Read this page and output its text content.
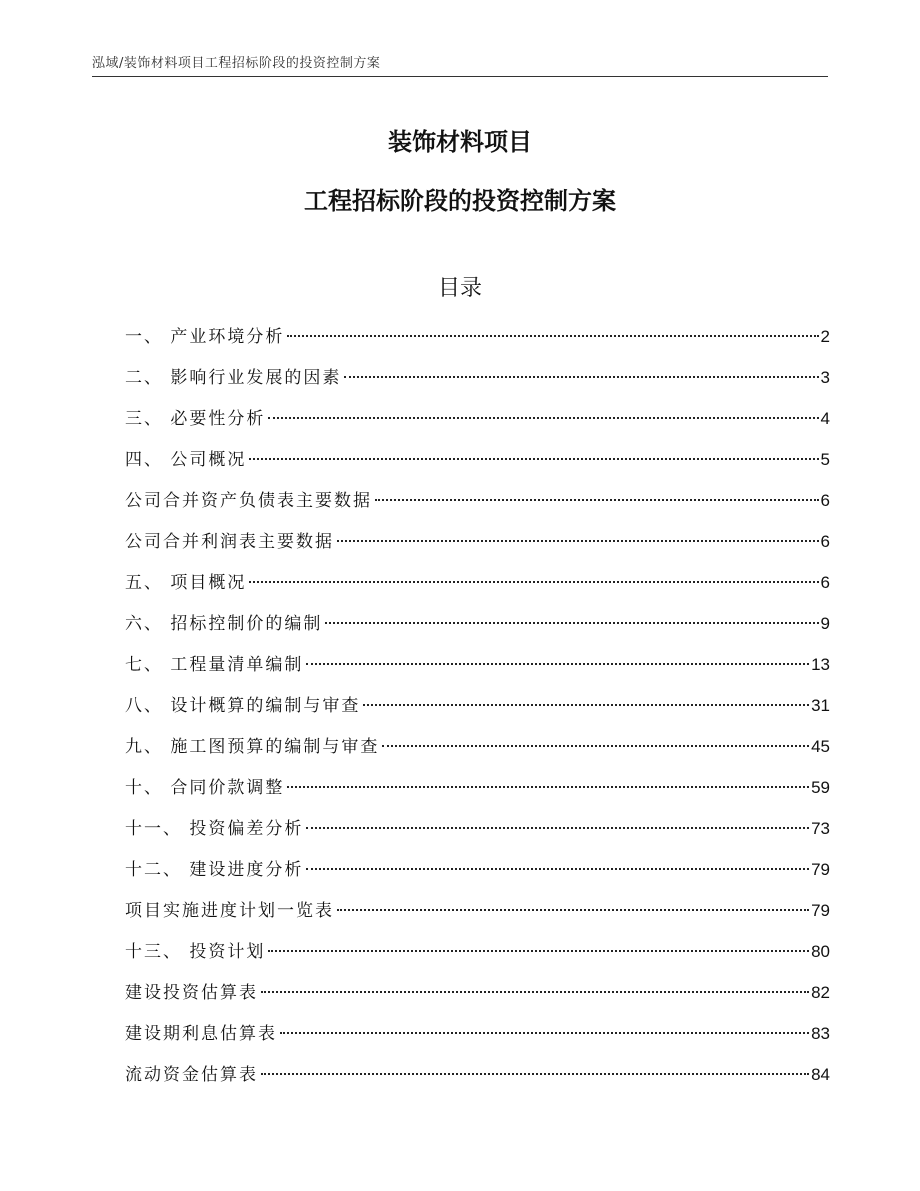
泓域/装饰材料项目工程招标阶段的投资控制方案
装饰材料项目
工程招标阶段的投资控制方案
目录
一、 产业环境分析	2
二、 影响行业发展的因素	3
三、 必要性分析	4
四、 公司概况	5
公司合并资产负债表主要数据	6
公司合并利润表主要数据	6
五、 项目概况	6
六、 招标控制价的编制	9
七、 工程量清单编制	13
八、 设计概算的编制与审查	31
九、 施工图预算的编制与审查	45
十、 合同价款调整	59
十一、 投资偏差分析	73
十二、 建设进度分析	79
项目实施进度计划一览表	79
十三、 投资计划	80
建设投资估算表	82
建设期利息估算表	83
流动资金估算表	84
